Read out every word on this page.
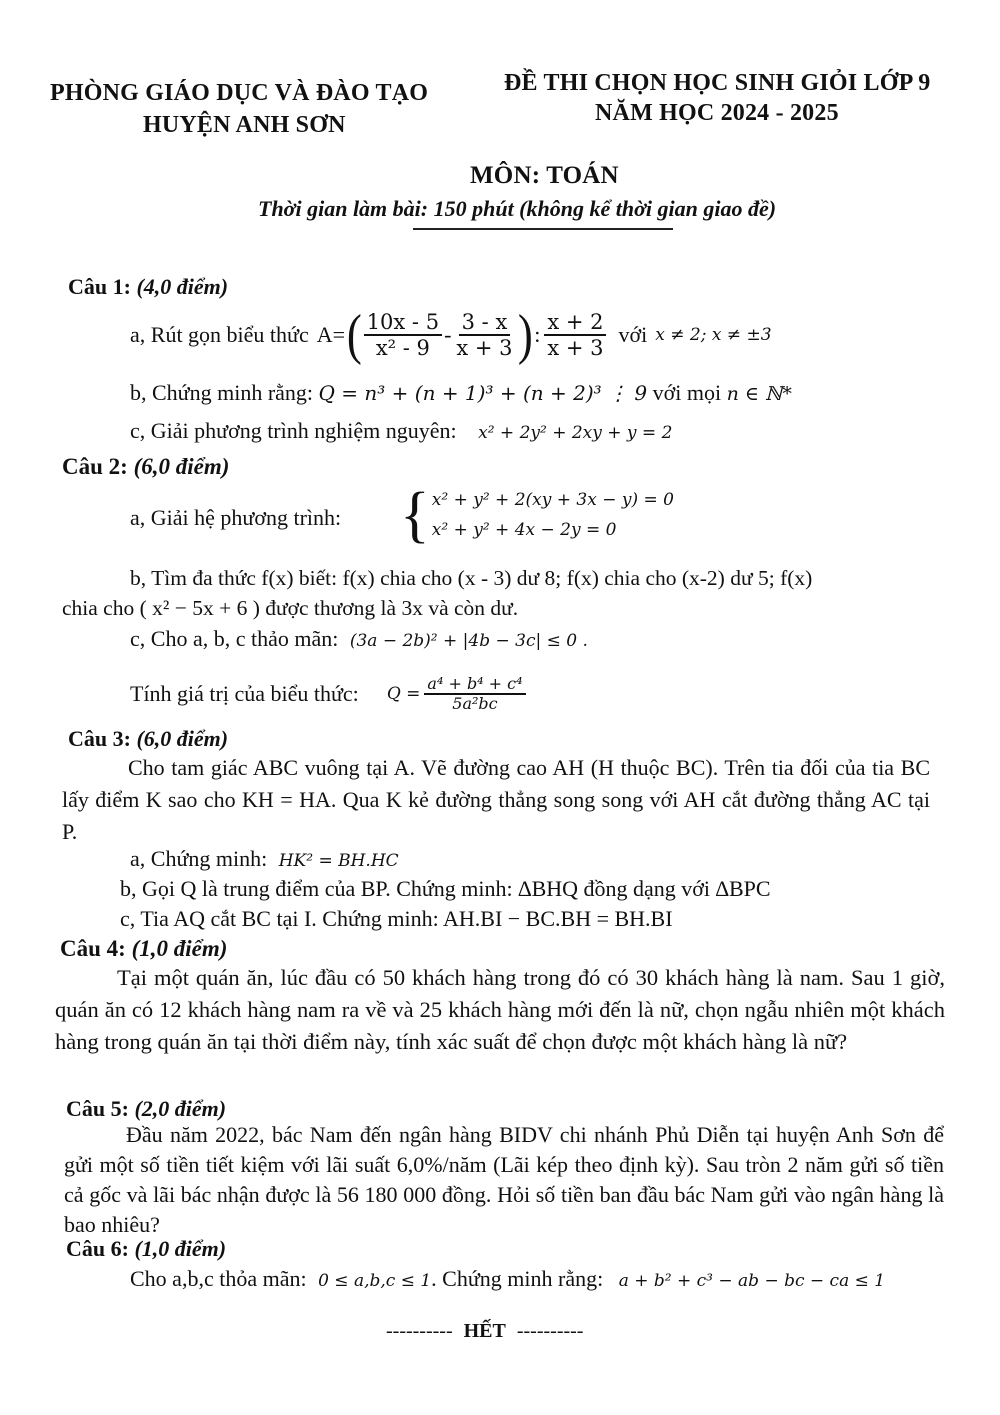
PHÒNG GIÁO DỤC VÀ ĐÀO TẠO
HUYỆN ANH SƠN
ĐỀ THI CHỌN HỌC SINH GIỎI LỚP 9
NĂM HỌC 2024 - 2025
MÔN: TOÁN
Thời gian làm bài: 150 phút (không kể thời gian giao đề)
Câu 1: (4,0 điểm)
a, Rút gọn biểu thức A= ( $\frac{10x - 5}{\text{x² - 9}} - \frac{3 - x}{x + 3}$ ) : $\frac{x + 2}{x + 3}$ với x ≠ 2; x ≠ ±3
b, Chứng minh rằng: Q = n³ + (n + 1)³ + (n + 2)³ ⋮ 9 với mọi n ∈ ℕ*
c, Giải phương trình nghiệm nguyên: x² + 2y² + 2xy + y = 2
Câu 2: (6,0 điểm)
a, Giải hệ phương trình: { x² + y² + 2(xy + 3x − y) = 0
x² + y² + 4x − 2y = 0
b, Tìm đa thức f(x) biết: f(x) chia cho (x - 3) dư 8; f(x) chia cho (x-2) dư 5; f(x)
chia cho ( x² − 5x + 6 ) được thương là 3x và còn dư.
c, Cho a, b, c thảo mãn: (3a − 2b)² + |4b − 3c| ≤ 0 .
Tính giá trị của biểu thức: $Q = \frac{\text{a⁴ + b⁴ + c⁴}}{\text{5a²bc}}$
Câu 3: (6,0 điểm)
Cho tam giác ABC vuông tại A. Vẽ đường cao AH (H thuộc BC). Trên tia đối của tia BC lấy điểm K sao cho KH = HA. Qua K kẻ đường thẳng song song với AH cắt đường thẳng AC tại P.
a, Chứng minh: HK² = BH.HC
b, Gọi Q là trung điểm của BP. Chứng minh: ∆BHQ đồng dạng với ∆BPC
c, Tia AQ cắt BC tại I. Chứng minh: AH.BI − BC.BH = BH.BI
Câu 4: (1,0 điểm)
Tại một quán ăn, lúc đầu có 50 khách hàng trong đó có 30 khách hàng là nam. Sau 1 giờ, quán ăn có 12 khách hàng nam ra về và 25 khách hàng mới đến là nữ, chọn ngẫu nhiên một khách hàng trong quán ăn tại thời điểm này, tính xác suất để chọn được một khách hàng là nữ?
Câu 5: (2,0 điểm)
Đầu năm 2022, bác Nam đến ngân hàng BIDV chi nhánh Phủ Diễn tại huyện Anh Sơn để gửi một số tiền tiết kiệm với lãi suất 6,0%/năm (Lãi kép theo định kỳ). Sau tròn 2 năm gửi số tiền cả gốc và lãi bác nhận được là 56 180 000 đồng. Hỏi số tiền ban đầu bác Nam gửi vào ngân hàng là bao nhiêu?
Câu 6: (1,0 điểm)
Cho a,b,c thỏa mãn: 0 ≤ a,b,c ≤ 1. Chứng minh rằng: a + b² + c³ − ab − bc − ca ≤ 1
---------- HẾT ----------
